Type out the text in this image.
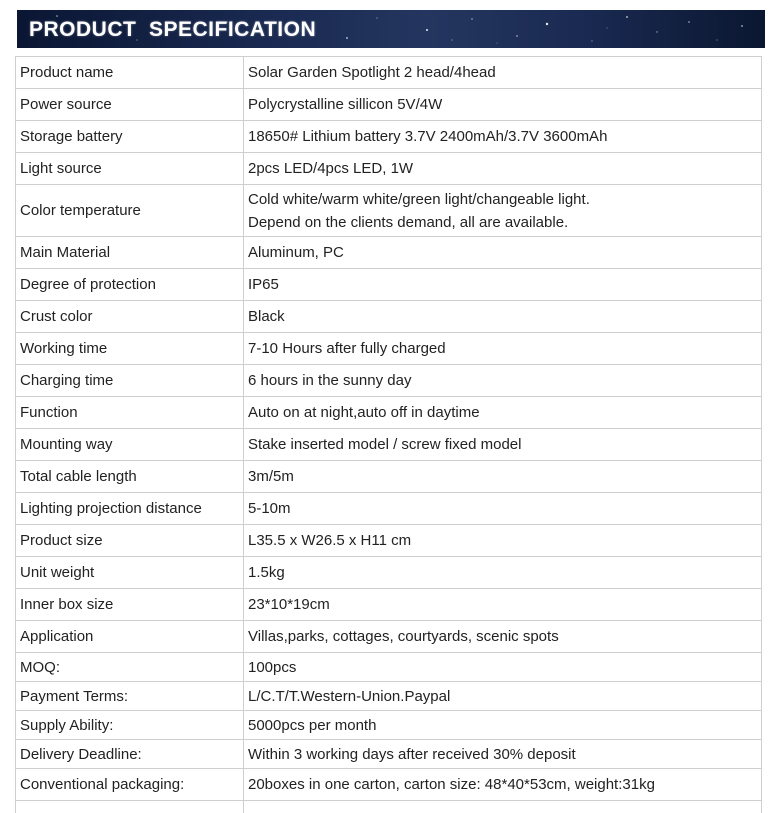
PRODUCT  SPECIFICATION
Product name	Solar Garden Spotlight 2 head/4head
Power source	Polycrystalline sillicon 5V/4W
Storage battery	18650# Lithium battery 3.7V 2400mAh/3.7V 3600mAh
Light source	2pcs LED/4pcs LED, 1W
Color temperature	Cold white/warm white/green light/changeable light.
Depend on the clients demand, all are available.

Main Material	Aluminum, PC
Degree of protection	IP65
Crust color	Black
Working time	7-10 Hours after fully charged
Charging time	6 hours in the sunny day
Function	Auto on at night,auto off in daytime
Mounting way	Stake inserted model / screw fixed model
Total cable length	3m/5m
Lighting projection distance	5-10m
Product size	L35.5 x W26.5 x H11 cm
Unit weight	1.5kg
Inner box size	23*10*19cm
Application	Villas,parks, cottages, courtyards, scenic spots
MOQ:	100pcs
Payment Terms:	L/C.T/T.Western-Union.Paypal
Supply Ability:	5000pcs per month
Delivery Deadline:	Within 3 working days after received 30% deposit
Conventional packaging:	20boxes in one carton, carton size: 48*40*53cm, weight:31kg
